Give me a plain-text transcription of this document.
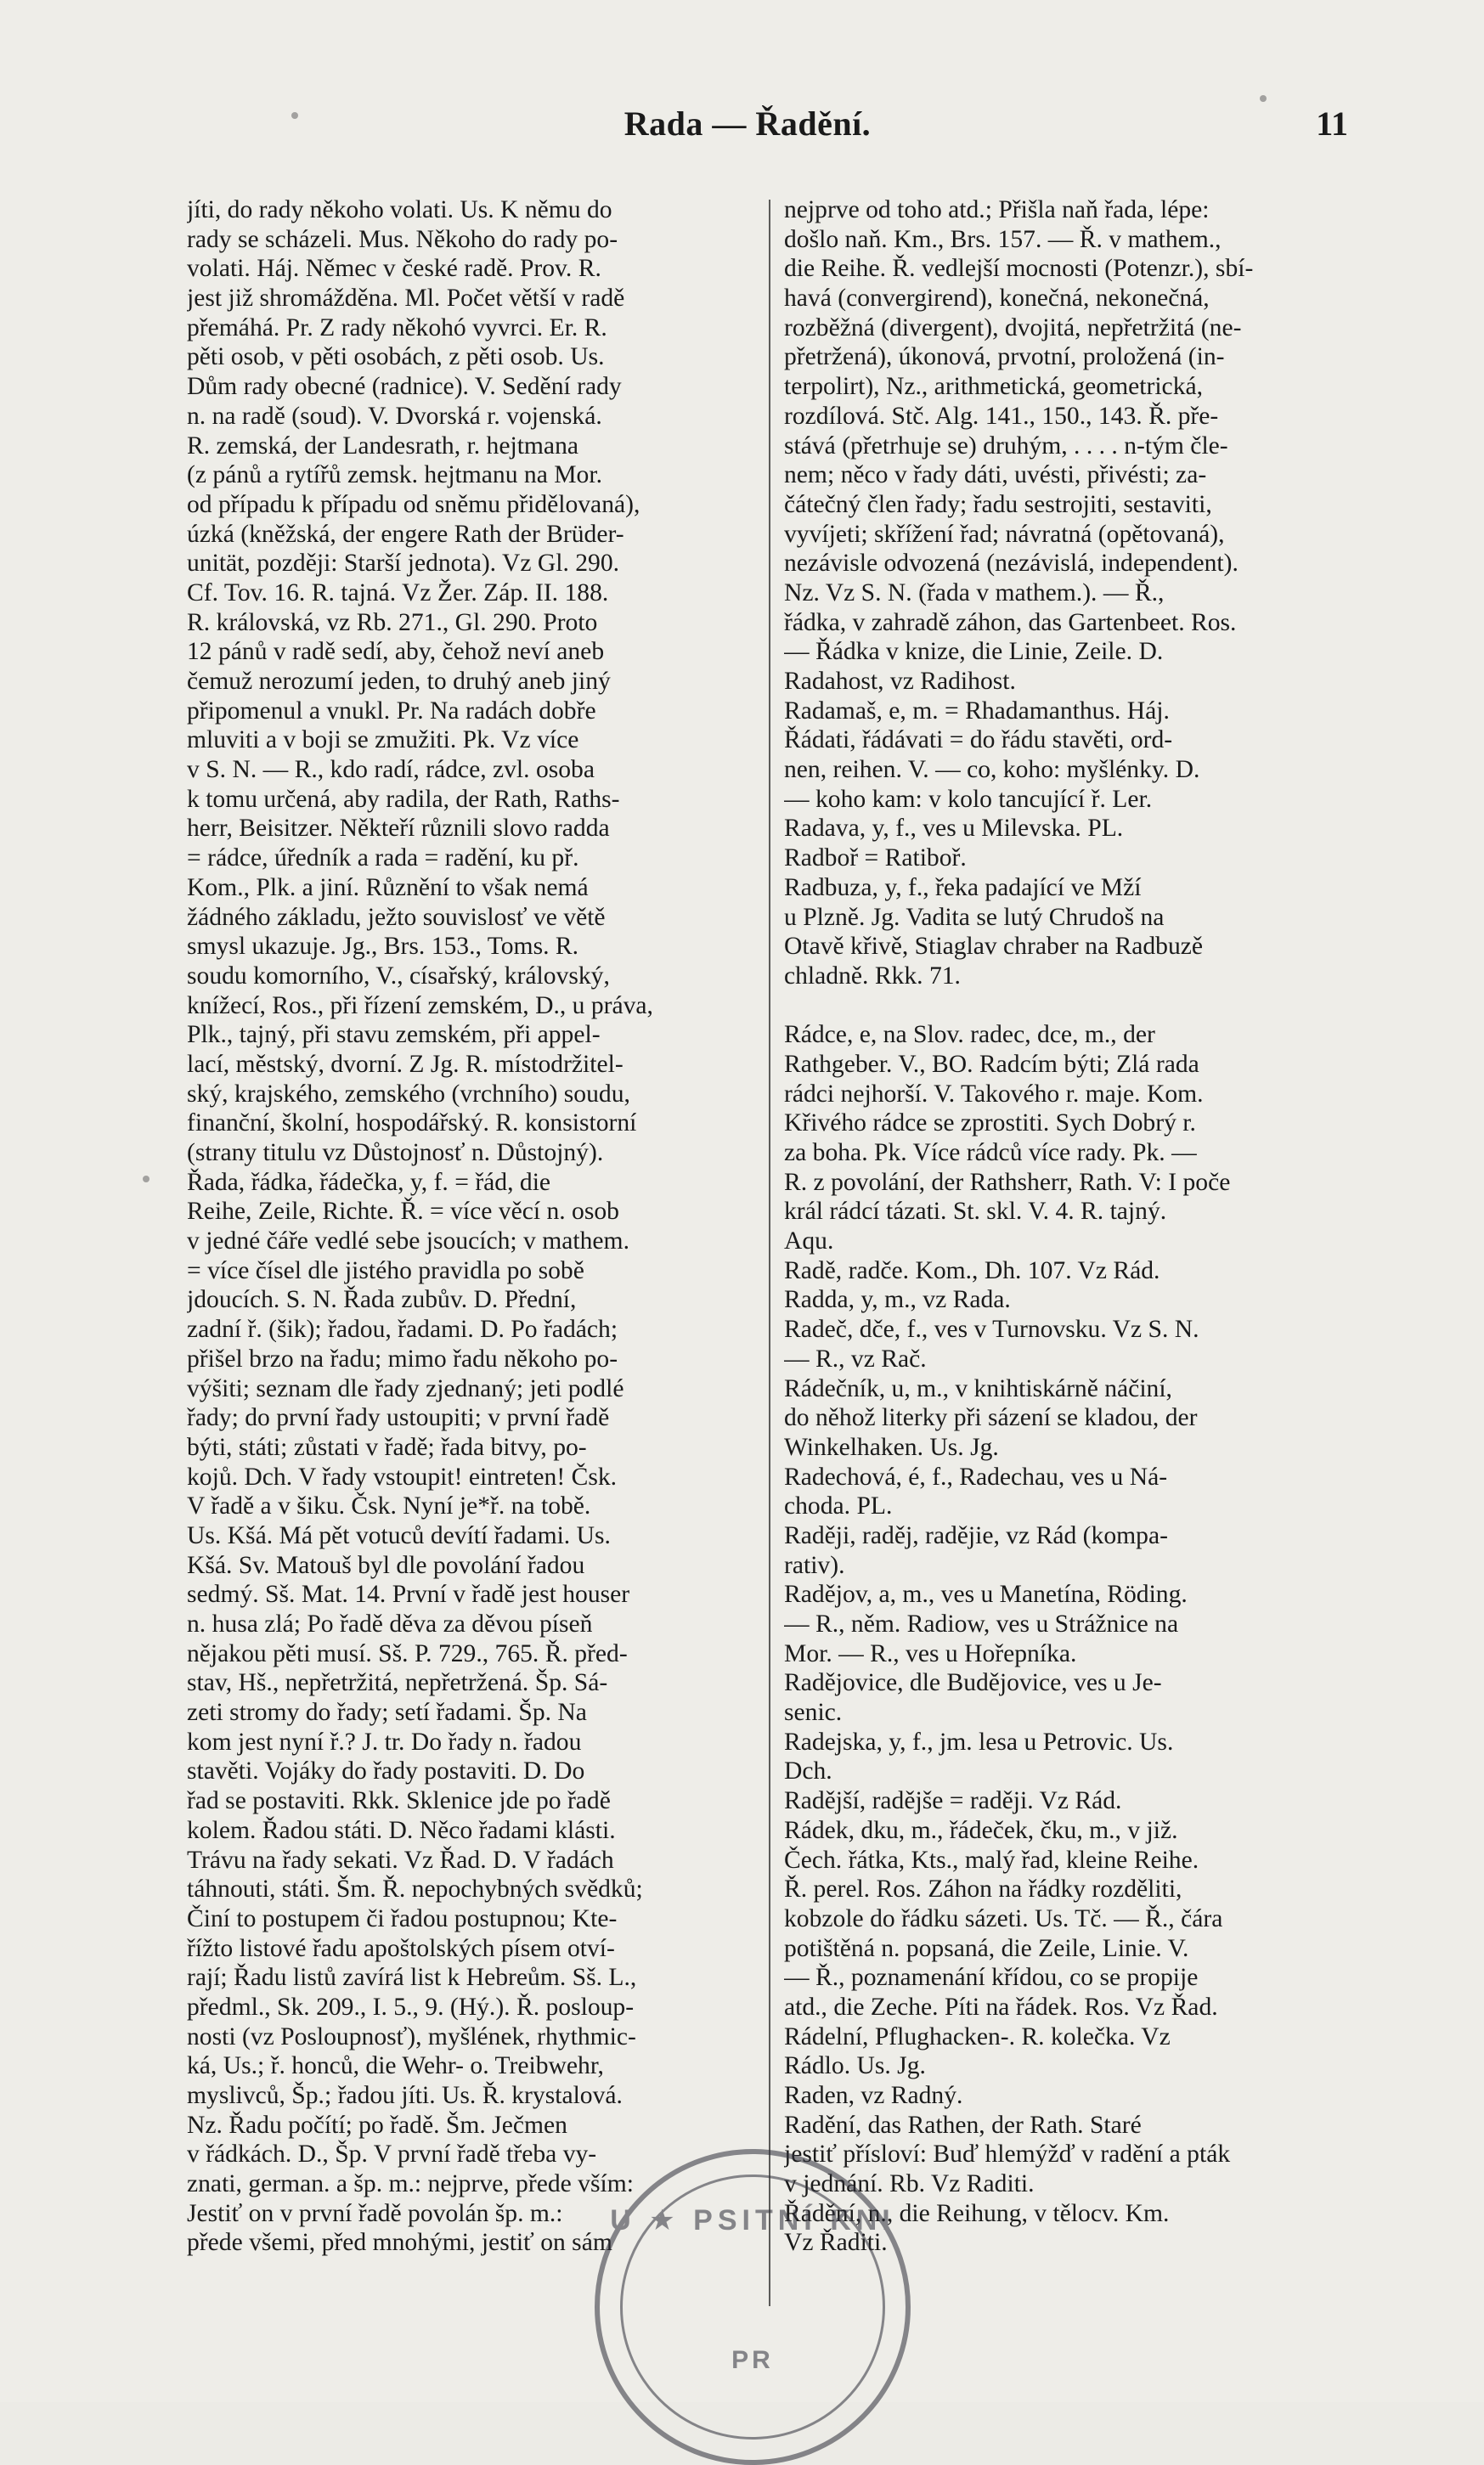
Rada — Řadění.	11
jíti, do rady někoho volati. Us. K němu do
rady se scházeli. Mus. Někoho do rady po-
volati. Háj. Němec v české radě. Prov. R.
jest již shromážděna. Ml. Počet větší v radě
přemáhá. Pr. Z rady někohó vyvrci. Er. R.
pěti osob, v pěti osobách, z pěti osob. Us.
Dům rady obecné (radnice). V. Sedění rady
n. na radě (soud). V. Dvorská r. vojenská.
R. zemská, der Landesrath, r. hejtmana
(z pánů a rytířů zemsk. hejtmanu na Mor.
od případu k případu od sněmu přidělovaná),
úzká (kněžská, der engere Rath der Brüder-
unität, později: Starší jednota). Vz Gl. 290.
Cf. Tov. 16. R. tajná. Vz Žer. Záp. II. 188.
R. královská, vz Rb. 271., Gl. 290. Proto
12 pánů v radě sedí, aby, čehož neví aneb
čemuž nerozumí jeden, to druhý aneb jiný
připomenul a vnukl. Pr. Na radách dobře
mluviti a v boji se zmužiti. Pk. Vz více
v S. N. — R., kdo radí, rádce, zvl. osoba
k tomu určená, aby radila, der Rath, Raths-
herr, Beisitzer. Někteří různili slovo radda
= rádce, úředník a rada = radění, ku př.
Kom., Plk. a jiní. Různění to však nemá
žádného základu, ježto souvislosť ve větě
smysl ukazuje. Jg., Brs. 153., Toms. R.
soudu komorního, V., císařský, královský,
knížecí, Ros., při řízení zemském, D., u práva,
Plk., tajný, při stavu zemském, při appel-
lací, městský, dvorní. Z Jg. R. místodržitel-
ský, krajského, zemského (vrchního) soudu,
finanční, školní, hospodářský. R. konsistorní
(strany titulu vz Důstojnosť n. Důstojný).
Řada, řádka, řádečka, y, f. = řád, die
Reihe, Zeile, Richte. Ř. = více věcí n. osob
v jedné čáře vedlé sebe jsoucích; v mathem.
= více čísel dle jistého pravidla po sobě
jdoucích. S. N. Řada zubův. D. Přední,
zadní ř. (šik); řadou, řadami. D. Po řadách;
přišel brzo na řadu; mimo řadu někoho po-
výšiti; seznam dle řady zjednaný; jeti podlé
řady; do první řady ustoupiti; v první řadě
býti, státi; zůstati v řadě; řada bitvy, po-
kojů. Dch. V řady vstoupit! eintreten! Čsk.
V řadě a v šiku. Čsk. Nyní je*ř. na tobě.
Us. Kšá. Má pět votuců devítí řadami. Us.
Kšá. Sv. Matouš byl dle povolání řadou
sedmý. Sš. Mat. 14. První v řadě jest houser
n. husa zlá; Po řadě děva za děvou píseň
nějakou pěti musí. Sš. P. 729., 765. Ř. před-
stav, Hš., nepřetržitá, nepřetržená. Šp. Sá-
zeti stromy do řady; setí řadami. Šp. Na
kom jest nyní ř.? J. tr. Do řady n. řadou
stavěti. Vojáky do řady postaviti. D. Do
řad se postaviti. Rkk. Sklenice jde po řadě
kolem. Řadou státi. D. Něco řadami klásti.
Trávu na řady sekati. Vz Řad. D. V řadách
táhnouti, státi. Šm. Ř. nepochybných svědků;
Činí to postupem či řadou postupnou; Kte-
řížto listové řadu apoštolských písem otví-
rají; Řadu listů zavírá list k Hebreům. Sš. L.,
předml., Sk. 209., I. 5., 9. (Hý.). Ř. posloup-
nosti (vz Posloupnosť), myšlének, rhythmic-
ká, Us.; ř. honců, die Wehr- o. Treibwehr,
myslivců, Šp.; řadou jíti. Us. Ř. krystalová.
Nz. Řadu počítí; po řadě. Šm. Ječmen
v řádkách. D., Šp. V první řadě třeba vy-
znati, german. a šp. m.: nejprve, přede vším:
Jestiť on v první řadě povolán šp. m.:
přede všemi, před mnohými, jestiť on sám
nejprve od toho atd.; Přišla naň řada, lépe:
došlo naň. Km., Brs. 157. — Ř. v mathem.,
die Reihe. Ř. vedlejší mocnosti (Potenzr.), sbí-
havá (convergirend), konečná, nekonečná,
rozběžná (divergent), dvojitá, nepřetržitá (ne-
přetržená), úkonová, prvotní, proložená (in-
terpolirt), Nz., arithmetická, geometrická,
rozdílová. Stč. Alg. 141., 150., 143. Ř. pře-
stává (přetrhuje se) druhým, . . . . n-tým čle-
nem; něco v řady dáti, uvésti, přivésti; za-
čátečný člen řady; řadu sestrojiti, sestaviti,
vyvíjeti; skřížení řad; návratná (opětovaná),
nezávisle odvozená (nezávislá, independent).
Nz. Vz S. N. (řada v mathem.). — Ř.,
řádka, v zahradě záhon, das Gartenbeet. Ros.
— Řádka v knize, die Linie, Zeile. D.
Radahost, vz Radihost.
Radamaš, e, m. = Rhadamanthus. Háj.
Řádati, řádávati = do řádu stavěti, ord-
nen, reihen. V. — co, koho: myšlénky. D.
— koho kam: v kolo tancující ř. Ler.
Radava, y, f., ves u Milevska. PL.
Radboř = Ratiboř.
Radbuza, y, f., řeka padající ve Mží
u Plzně. Jg. Vadita se lutý Chrudoš na
Otavě křivě, Stiaglav chraber na Radbuzě
chladně. Rkk. 71.
Rádce, e, na Slov. radec, dce, m., der
Rathgeber. V., BO. Radcím býti; Zlá rada
rádci nejhorší. V. Takového r. maje. Kom.
Křivého rádce se zprostiti. Sych Dobrý r.
za boha. Pk. Více rádců více rady. Pk. —
R. z povolání, der Rathsherr, Rath. V: I poče
král rádcí tázati. St. skl. V. 4. R. tajný.
Aqu.
Radě, radče. Kom., Dh. 107. Vz Rád.
Radda, y, m., vz Rada.
Radeč, dče, f., ves v Turnovsku. Vz S. N.
— R., vz Rač.
Rádečník, u, m., v knihtiskárně náčiní,
do něhož literky při sázení se kladou, der
Winkelhaken. Us. Jg.
Radechová, é, f., Radechau, ves u Ná-
choda. PL.
Raději, raděj, radějie, vz Rád (kompa-
rativ).
Radějov, a, m., ves u Manetína, Röding.
— R., něm. Radiow, ves u Strážnice na
Mor. — R., ves u Hořepníka.
Radějovice, dle Budějovice, ves u Je-
senic.
Radejska, y, f., jm. lesa u Petrovic. Us.
Dch.
Radější, radějše = raději. Vz Rád.
Rádek, dku, m., řádeček, čku, m., v již.
Čech. řátka, Kts., malý řad, kleine Reihe.
Ř. perel. Ros. Záhon na řádky rozděliti,
kobzole do řádku sázeti. Us. Tč. — Ř., čára
potištěná n. popsaná, die Zeile, Linie. V.
— Ř., poznamenání křídou, co se propije
atd., die Zeche. Píti na řádek. Ros. Vz Řad.
Rádelní, Pflughacken-. R. kolečka. Vz
Rádlo. Us. Jg.
Raden, vz Radný.
Radění, das Rathen, der Rath. Staré
jestiť přísloví: Buď hlemýžď v radění a pták
v jednání. Rb. Vz Raditi.
Řadění, n., die Reihung, v tělocv. Km.
Vz Řaditi.
U ★ PSITNÍ KNI
PR
